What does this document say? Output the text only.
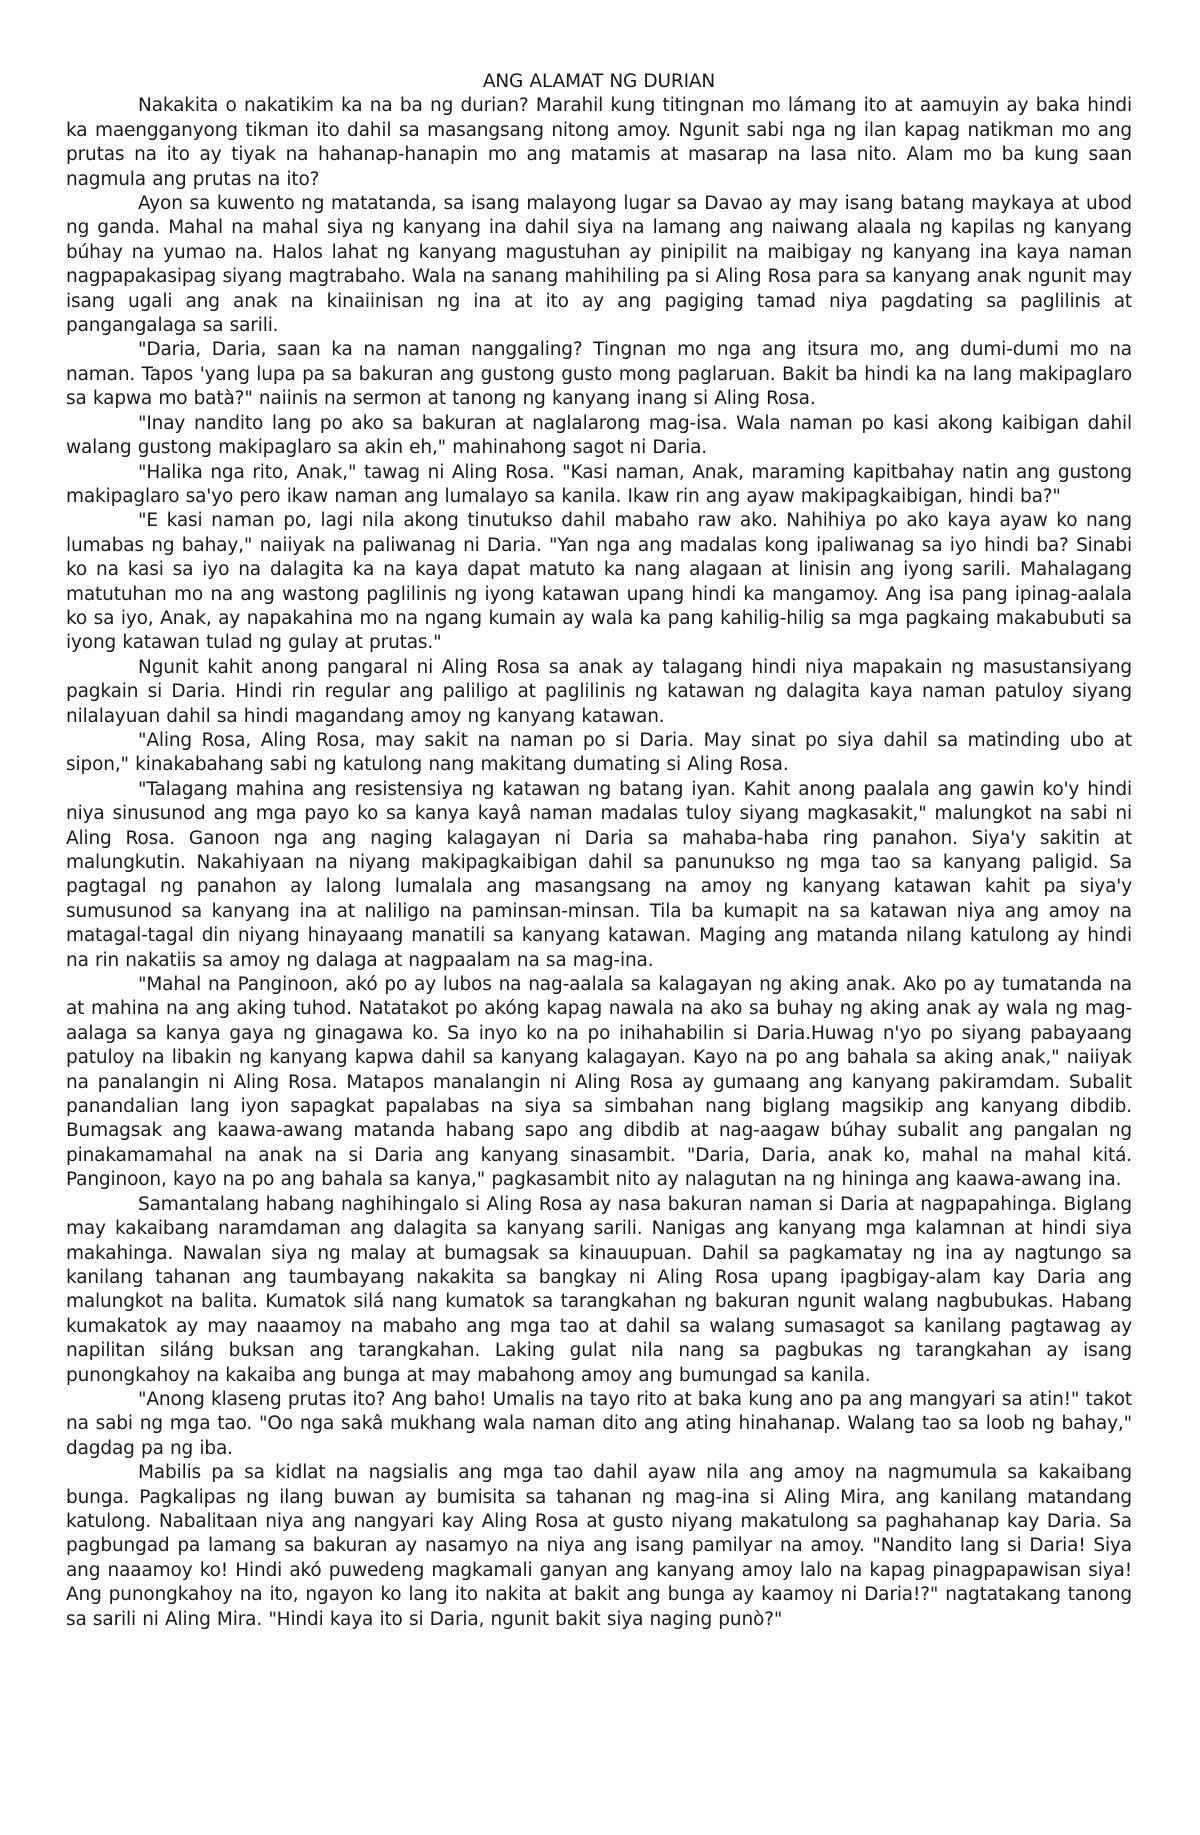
ANG ALAMAT NG DURIAN

Nakakita o nakatikim ka na ba ng durian? Marahil kung titingnan mo lámang ito at aamuyin ay baka hindi ka maengganyong tikman ito dahil sa masangsang nitong amoy. Ngunit sabi nga ng ilan kapag natikman mo ang prutas na ito ay tiyak na hahanap-hanapin mo ang matamis at masarap na lasa nito. Alam mo ba kung saan nagmula ang prutas na ito?

Ayon sa kuwento ng matatanda, sa isang malayong lugar sa Davao ay may isang batang maykaya at ubod ng ganda. Mahal na mahal siya ng kanyang ina dahil siya na lamang ang naiwang alaala ng kapilas ng kanyang búhay na yumao na. Halos lahat ng kanyang magustuhan ay pinipilit na maibigay ng kanyang ina kaya naman nagpapakasipag siyang magtrabaho. Wala na sanang mahihiling pa si Aling Rosa para sa kanyang anak ngunit may isang ugali ang anak na kinaiinisan ng ina at ito ay ang pagiging tamad niya pagdating sa paglilinis at pangangalaga sa sarili.

"Daria, Daria, saan ka na naman nanggaling? Tingnan mo nga ang itsura mo, ang dumi-dumi mo na naman. Tapos 'yang lupa pa sa bakuran ang gustong gusto mong paglaruan. Bakit ba hindi ka na lang makipaglaro sa kapwa mo batà?" naiinis na sermon at tanong ng kanyang inang si Aling Rosa.

"Inay nandito lang po ako sa bakuran at naglalarong mag-isa. Wala naman po kasi akong kaibigan dahil walang gustong makipaglaro sa akin eh," mahinahong sagot ni Daria.

"Halika nga rito, Anak," tawag ni Aling Rosa. "Kasi naman, Anak, maraming kapitbahay natin ang gustong makipaglaro sa'yo pero ikaw naman ang lumalayo sa kanila. Ikaw rin ang ayaw makipagkaibigan, hindi ba?"

"E kasi naman po, lagi nila akong tinutukso dahil mabaho raw ako. Nahihiya po ako kaya ayaw ko nang lumabas ng bahay," naiiyak na paliwanag ni Daria. "Yan nga ang madalas kong ipaliwanag sa iyo hindi ba? Sinabi ko na kasi sa iyo na dalagita ka na kaya dapat matuto ka nang alagaan at linisin ang iyong sarili. Mahalagang matutuhan mo na ang wastong paglilinis ng iyong katawan upang hindi ka mangamoy. Ang isa pang ipinag-aalala ko sa iyo, Anak, ay napakahina mo na ngang kumain ay wala ka pang kahilig-hilig sa mga pagkaing makabubuti sa iyong katawan tulad ng gulay at prutas."

Ngunit kahit anong pangaral ni Aling Rosa sa anak ay talagang hindi niya mapakain ng masustansiyang pagkain si Daria. Hindi rin regular ang paliligo at paglilinis ng katawan ng dalagita kaya naman patuloy siyang nilalayuan dahil sa hindi magandang amoy ng kanyang katawan.

"Aling Rosa, Aling Rosa, may sakit na naman po si Daria. May sinat po siya dahil sa matinding ubo at sipon," kinakabahang sabi ng katulong nang makitang dumating si Aling Rosa.

"Talagang mahina ang resistensiya ng katawan ng batang iyan. Kahit anong paalala ang gawin ko'y hindi niya sinusunod ang mga payo ko sa kanya kayâ naman madalas tuloy siyang magkasakit," malungkot na sabi ni Aling Rosa. Ganoon nga ang naging kalagayan ni Daria sa mahaba-haba ring panahon. Siya'y sakitin at malungkutin. Nakahiyaan na niyang makipagkaibigan dahil sa panunukso ng mga tao sa kanyang paligid. Sa pagtagal ng panahon ay lalong lumalala ang masangsang na amoy ng kanyang katawan kahit pa siya'y sumusunod sa kanyang ina at naliligo na paminsan-minsan. Tila ba kumapit na sa katawan niya ang amoy na matagal-tagal din niyang hinayaang manatili sa kanyang katawan. Maging ang matanda nilang katulong ay hindi na rin nakatiis sa amoy ng dalaga at nagpaalam na sa mag-ina.

"Mahal na Panginoon, akó po ay lubos na nag-aalala sa kalagayan ng aking anak. Ako po ay tumatanda na at mahina na ang aking tuhod. Natatakot po akóng kapag nawala na ako sa buhay ng aking anak ay wala ng mag-aalaga sa kanya gaya ng ginagawa ko. Sa inyo ko na po inihahabilin si Daria.Huwag n'yo po siyang pabayaang patuloy na libakin ng kanyang kapwa dahil sa kanyang kalagayan. Kayo na po ang bahala sa aking anak," naiiyak na panalangin ni Aling Rosa. Matapos manalangin ni Aling Rosa ay gumaang ang kanyang pakiramdam. Subalit panandalian lang iyon sapagkat papalabas na siya sa simbahan nang biglang magsikip ang kanyang dibdib. Bumagsak ang kaawa-awang matanda habang sapo ang dibdib at nag-aagaw búhay subalit ang pangalan ng pinakamamahal na anak na si Daria ang kanyang sinasambit. "Daria, Daria, anak ko, mahal na mahal kitá. Panginoon, kayo na po ang bahala sa kanya," pagkasambit nito ay nalagutan na ng hininga ang kaawa-awang ina.

Samantalang habang naghihingalo si Aling Rosa ay nasa bakuran naman si Daria at nagpapahinga. Biglang may kakaibang naramdaman ang dalagita sa kanyang sarili. Nanigas ang kanyang mga kalamnan at hindi siya makahinga. Nawalan siya ng malay at bumagsak sa kinauupuan. Dahil sa pagkamatay ng ina ay nagtungo sa kanilang tahanan ang taumbayang nakakita sa bangkay ni Aling Rosa upang ipagbigay-alam kay Daria ang malungkot na balita. Kumatok silá nang kumatok sa tarangkahan ng bakuran ngunit walang nagbubukas. Habang kumakatok ay may naaamoy na mabaho ang mga tao at dahil sa walang sumasagot sa kanilang pagtawag ay napilitan siláng buksan ang tarangkahan. Laking gulat nila nang sa pagbukas ng tarangkahan ay isang punongkahoy na kakaiba ang bunga at may mabahong amoy ang bumungad sa kanila.

"Anong klaseng prutas ito? Ang baho! Umalis na tayo rito at baka kung ano pa ang mangyari sa atin!" takot na sabi ng mga tao. "Oo nga sakâ mukhang wala naman dito ang ating hinahanap. Walang tao sa loob ng bahay," dagdag pa ng iba.

Mabilis pa sa kidlat na nagsialis ang mga tao dahil ayaw nila ang amoy na nagmumula sa kakaibang bunga. Pagkalipas ng ilang buwan ay bumisita sa tahanan ng mag-ina si Aling Mira, ang kanilang matandang katulong. Nabalitaan niya ang nangyari kay Aling Rosa at gusto niyang makatulong sa paghahanap kay Daria. Sa pagbungad pa lamang sa bakuran ay nasamyo na niya ang isang pamilyar na amoy. "Nandito lang si Daria! Siya ang naaamoy ko! Hindi akó puwedeng magkamali ganyan ang kanyang amoy lalo na kapag pinagpapawisan siya! Ang punongkahoy na ito, ngayon ko lang ito nakita at bakit ang bunga ay kaamoy ni Daria!?" nagtatakang tanong sa sarili ni Aling Mira. "Hindi kaya ito si Daria, ngunit bakit siya naging punò?"
